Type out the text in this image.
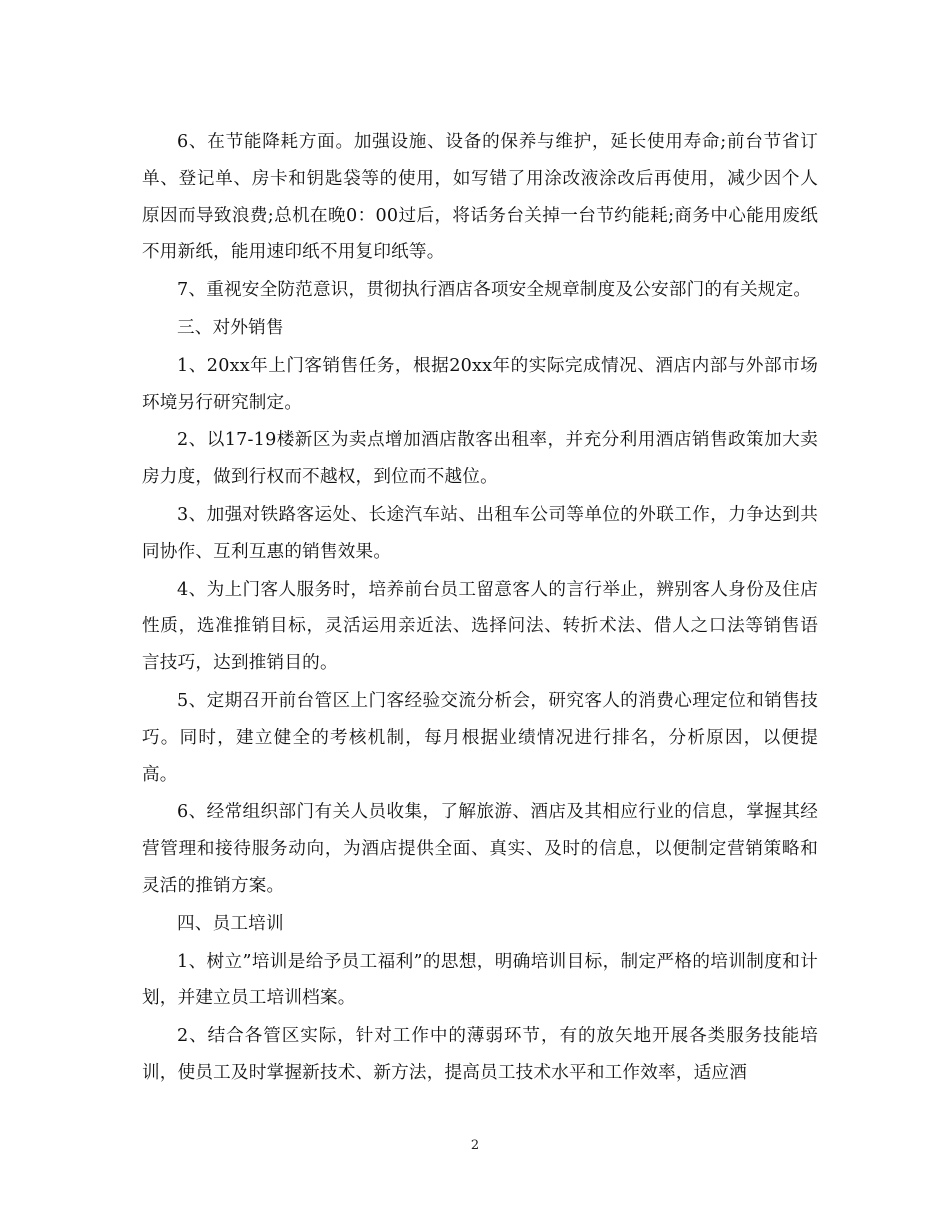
6、在节能降耗方面。加强设施、设备的保养与维护，延长使用寿命;前台节省订单、登记单、房卡和钥匙袋等的使用，如写错了用涂改液涂改后再使用，减少因个人原因而导致浪费;总机在晚0：00过后，将话务台关掉一台节约能耗;商务中心能用废纸不用新纸，能用速印纸不用复印纸等。

7、重视安全防范意识，贯彻执行酒店各项安全规章制度及公安部门的有关规定。

三、对外销售

1、20xx年上门客销售任务，根据20xx年的实际完成情况、酒店内部与外部市场环境另行研究制定。

2、以17-19楼新区为卖点增加酒店散客出租率，并充分利用酒店销售政策加大卖房力度，做到行权而不越权，到位而不越位。

3、加强对铁路客运处、长途汽车站、出租车公司等单位的外联工作，力争达到共同协作、互利互惠的销售效果。

4、为上门客人服务时，培养前台员工留意客人的言行举止，辨别客人身份及住店性质，选准推销目标，灵活运用亲近法、选择问法、转折术法、借人之口法等销售语言技巧，达到推销目的。

5、定期召开前台管区上门客经验交流分析会，研究客人的消费心理定位和销售技巧。同时，建立健全的考核机制，每月根据业绩情况进行排名，分析原因，以便提高。

6、经常组织部门有关人员收集，了解旅游、酒店及其相应行业的信息，掌握其经营管理和接待服务动向，为酒店提供全面、真实、及时的信息，以便制定营销策略和灵活的推销方案。

四、员工培训

1、树立”培训是给予员工福利”的思想，明确培训目标，制定严格的培训制度和计划，并建立员工培训档案。

2、结合各管区实际，针对工作中的薄弱环节，有的放矢地开展各类服务技能培训，使员工及时掌握新技术、新方法，提高员工技术水平和工作效率，适应酒

2
